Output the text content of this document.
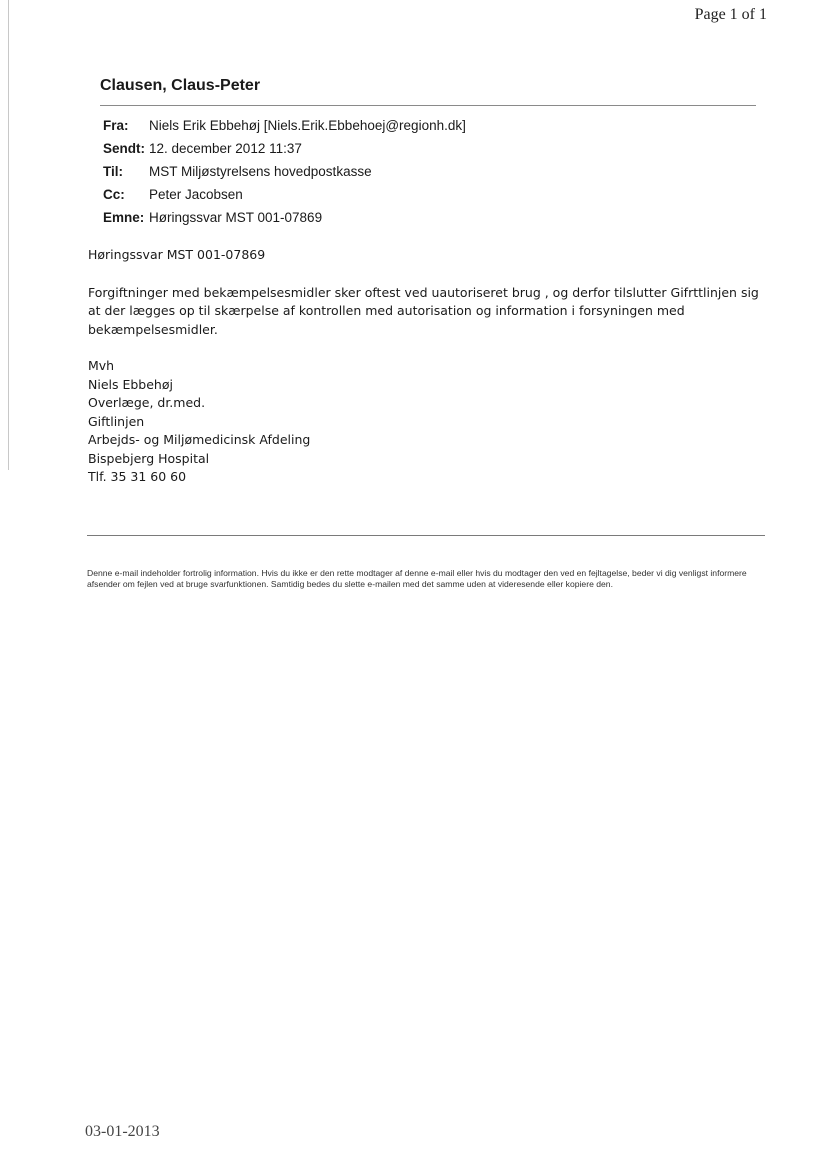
Page 1 of 1
Clausen, Claus-Peter
Fra:	Niels Erik Ebbehøj [Niels.Erik.Ebbehoej@regionh.dk]
Sendt: 12. december 2012 11:37
Til:	MST Miljøstyrelsens hovedpostkasse
Cc:	Peter Jacobsen
Emne: Høringssvar MST 001-07869

Høringssvar MST 001-07869

Forgiftninger med bekæmpelsesmidler sker oftest ved uautoriseret brug , og derfor tilslutter Gifrttlinjen sig at der lægges op til skærpelse af kontrollen med autorisation og information i forsyningen med bekæmpelsesmidler.

Mvh
Niels Ebbehøj
Overlæge, dr.med.
Giftlinjen
Arbejds- og Miljømedicinsk Afdeling
Bispebjerg Hospital
Tlf. 35 31 60 60
Denne e-mail indeholder fortrolig information. Hvis du ikke er den rette modtager af denne e-mail eller hvis du modtager den ved en fejltagelse, beder vi dig venligst informere afsender om fejlen ved at bruge svarfunktionen. Samtidig bedes du slette e-mailen med det samme uden at videresende eller kopiere den.
03-01-2013
